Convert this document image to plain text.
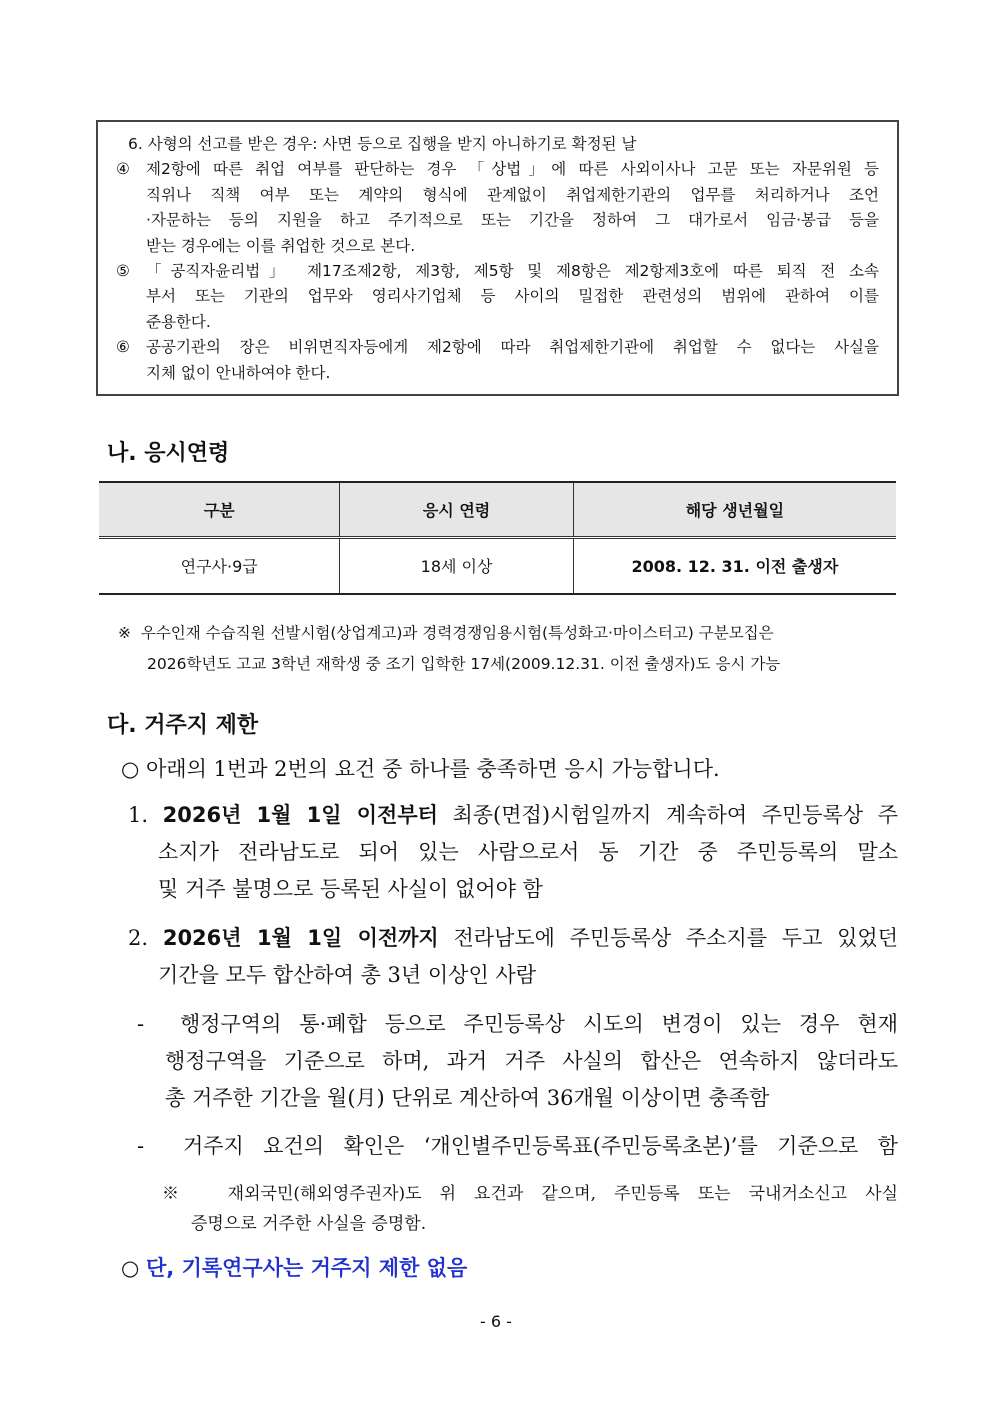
6. 사형의 선고를 받은 경우: 사면 등으로 집행을 받지 아니하기로 확정된 날
④	제2항에 따른 취업 여부를 판단하는 경우 「상법」에 따른 사외이사나 고문 또는 자문위원 등
직위나 직책 여부 또는 계약의 형식에 관계없이 취업제한기관의 업무를 처리하거나 조언
·자문하는 등의 지원을 하고 주기적으로 또는 기간을 정하여 그 대가로서 임금·봉급 등을
받는 경우에는 이를 취업한 것으로 본다.
⑤	「공직자윤리법」 제17조제2항, 제3항, 제5항 및 제8항은 제2항제3호에 따른 퇴직 전 소속
부서 또는 기관의 업무와 영리사기업체 등 사이의 밀접한 관련성의 범위에 관하여 이를
준용한다.
⑥	공공기관의 장은 비위면직자등에게 제2항에 따라 취업제한기관에 취업할 수 없다는 사실을
지체 없이 안내하여야 한다.
나. 응시연령
구분	응시 연령	해당 생년월일
연구사·9급	18세 이상	2008. 12. 31. 이전 출생자
※ 우수인재 수습직원 선발시험(상업계고)과 경력경쟁임용시험(특성화고·마이스터고) 구분모집은
2026학년도 고교 3학년 재학생 중 조기 입학한 17세(2009.12.31. 이전 출생자)도 응시 가능
다. 거주지 제한
○ 아래의 1번과 2번의 요건 중 하나를 충족하면 응시 가능합니다.
1. 2026년 1월 1일 이전부터 최종(면접)시험일까지 계속하여 주민등록상 주
소지가 전라남도로 되어 있는 사람으로서 동 기간 중 주민등록의 말소
및 거주 불명으로 등록된 사실이 없어야 함
2. 2026년 1월 1일 이전까지 전라남도에 주민등록상 주소지를 두고 있었던
기간을 모두 합산하여 총 3년 이상인 사람
- 행정구역의 통·폐합 등으로 주민등록상 시도의 변경이 있는 경우 현재
행정구역을 기준으로 하며, 과거 거주 사실의 합산은 연속하지 않더라도
총 거주한 기간을 월(月) 단위로 계산하여 36개월 이상이면 충족함
- 거주지 요건의 확인은 ‘개인별주민등록표(주민등록초본)’를 기준으로 함
※ 재외국민(해외영주권자)도 위 요건과 같으며, 주민등록 또는 국내거소신고 사실
증명으로 거주한 사실을 증명함.
○ 단, 기록연구사는 거주지 제한 없음
- 6 -
